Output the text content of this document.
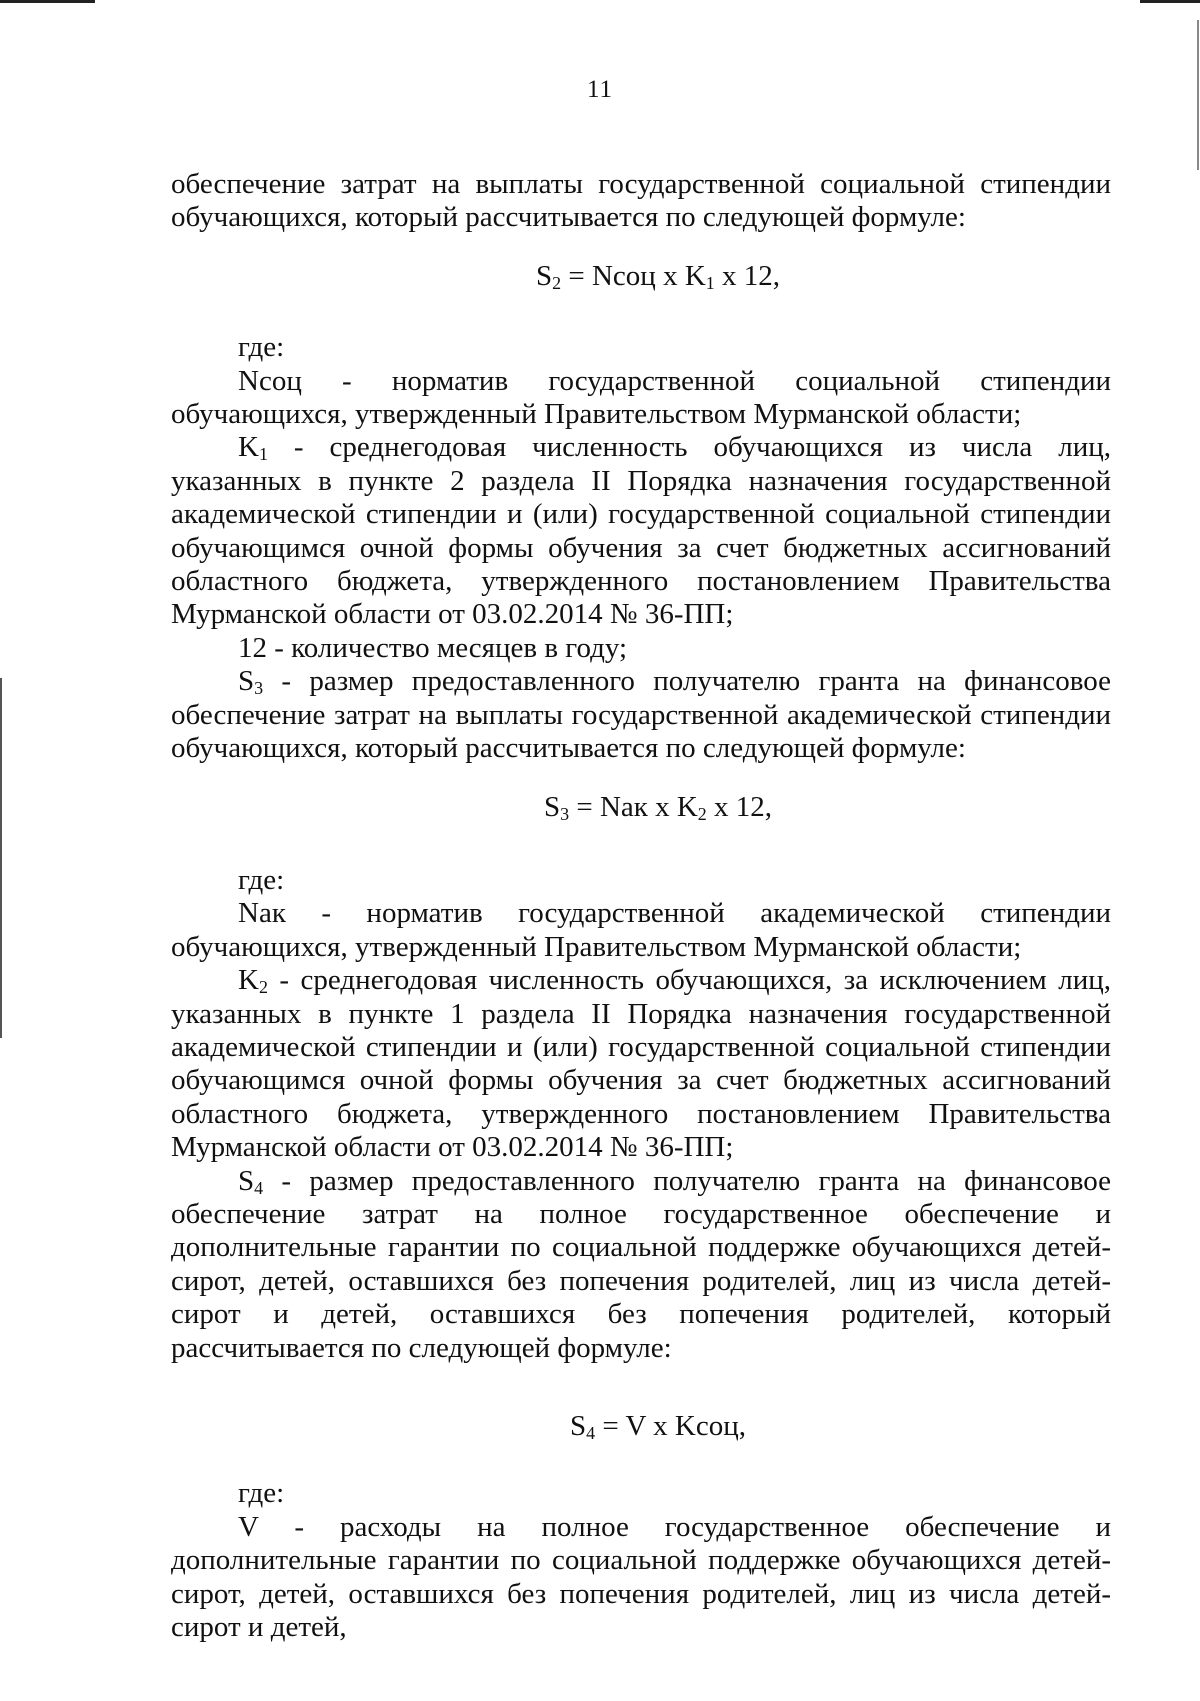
11

обеспечение затрат на выплаты государственной социальной стипендии обучающихся, который рассчитывается по следующей формуле:

$S_2$ = Nсоц х $K_1$ х 12,

где:

Nсоц - норматив государственной социальной стипендии обучающихся, утвержденный Правительством Мурманской области;

$K_1$ - среднегодовая численность обучающихся из числа лиц, указанных в пункте 2 раздела II Порядка назначения государственной академической стипендии и (или) государственной социальной стипендии обучающимся очной формы обучения за счет бюджетных ассигнований областного бюджета, утвержденного постановлением Правительства Мурманской области от 03.02.2014 № 36-ПП;

12 - количество месяцев в году;

$S_3$ - размер предоставленного получателю гранта на финансовое обеспечение затрат на выплаты государственной академической стипендии обучающихся, который рассчитывается по следующей формуле:

$S_3$ = Nак х $K_2$ х 12,

где:

Nак - норматив государственной академической стипендии обучающихся, утвержденный Правительством Мурманской области;

$K_2$ - среднегодовая численность обучающихся, за исключением лиц, указанных в пункте 1 раздела II Порядка назначения государственной академической стипендии и (или) государственной социальной стипендии обучающимся очной формы обучения за счет бюджетных ассигнований областного бюджета, утвержденного постановлением Правительства Мурманской области от 03.02.2014 № 36-ПП;

$S_4$ - размер предоставленного получателю гранта на финансовое обеспечение затрат на полное государственное обеспечение и дополнительные гарантии по социальной поддержке обучающихся детей-сирот, детей, оставшихся без попечения родителей, лиц из числа детей-сирот и детей, оставшихся без попечения родителей, который рассчитывается по следующей формуле:

$S_4 = V$ х Kсоц,

где:

V - расходы на полное государственное обеспечение и дополнительные гарантии по социальной поддержке обучающихся детей-сирот, детей, оставшихся без попечения родителей, лиц из числа детей-сирот и детей,
